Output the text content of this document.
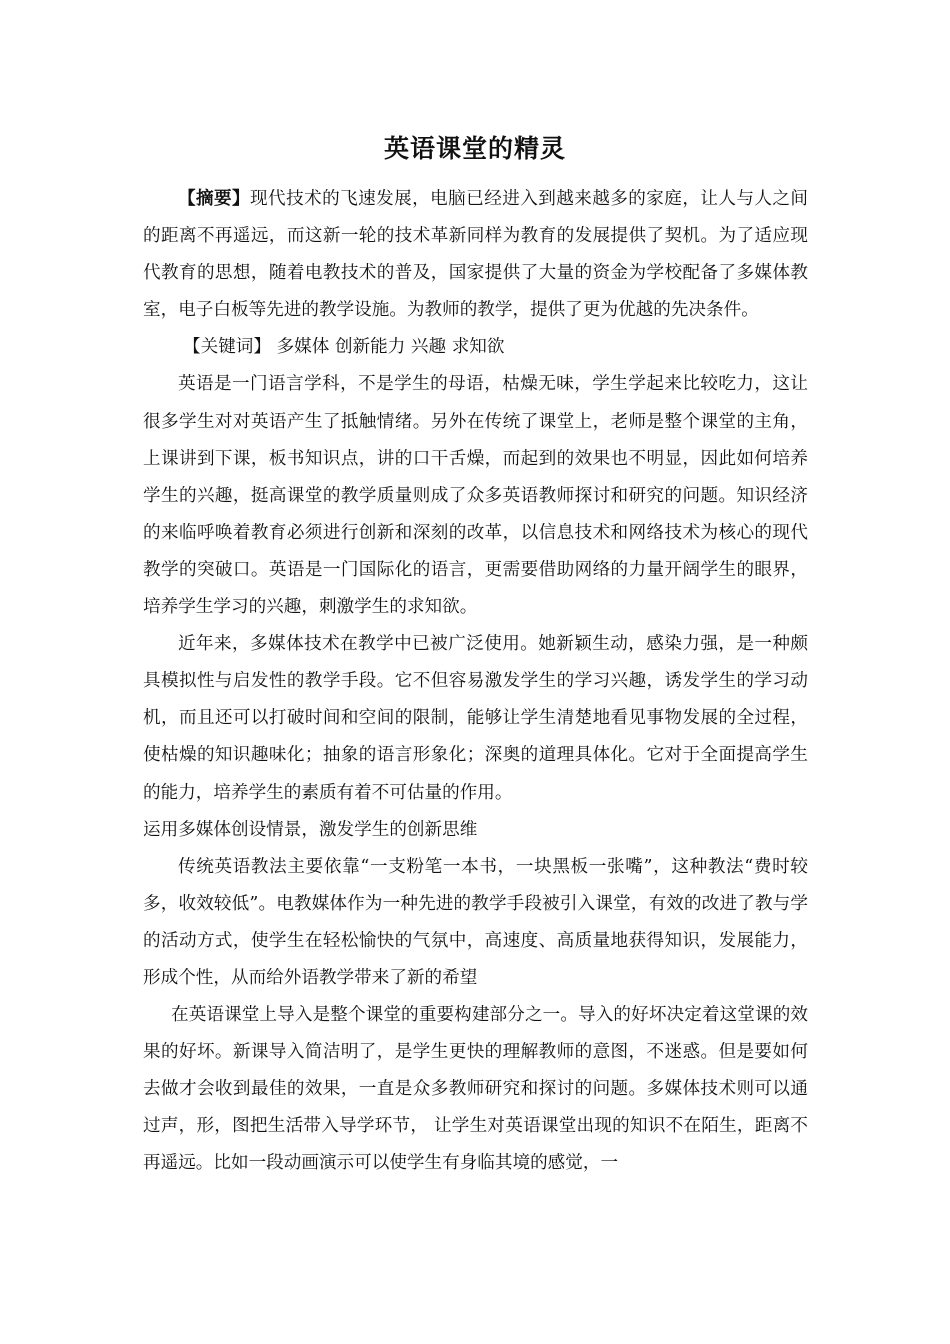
英语课堂的精灵

【摘要】现代技术的飞速发展，电脑已经进入到越来越多的家庭，让人与人之间的距离不再遥远，而这新一轮的技术革新同样为教育的发展提供了契机。为了适应现代教育的思想，随着电教技术的普及，国家提供了大量的资金为学校配备了多媒体教室，电子白板等先进的教学设施。为教师的教学，提供了更为优越的先决条件。

【关键词】 多媒体 创新能力 兴趣 求知欲

英语是一门语言学科，不是学生的母语，枯燥无味，学生学起来比较吃力，这让很多学生对对英语产生了抵触情绪。另外在传统了课堂上，老师是整个课堂的主角，上课讲到下课，板书知识点，讲的口干舌燥，而起到的效果也不明显，因此如何培养学生的兴趣，挺高课堂的教学质量则成了众多英语教师探讨和研究的问题。知识经济的来临呼唤着教育必须进行创新和深刻的改革，以信息技术和网络技术为核心的现代教学的突破口。英语是一门国际化的语言，更需要借助网络的力量开阔学生的眼界，培养学生学习的兴趣，刺激学生的求知欲。

近年来，多媒体技术在教学中已被广泛使用。她新颖生动，感染力强，是一种颇具模拟性与启发性的教学手段。它不但容易激发学生的学习兴趣，诱发学生的学习动机，而且还可以打破时间和空间的限制，能够让学生清楚地看见事物发展的全过程，使枯燥的知识趣味化；抽象的语言形象化；深奥的道理具体化。它对于全面提高学生的能力，培养学生的素质有着不可估量的作用。

运用多媒体创设情景，激发学生的创新思维

传统英语教法主要依靠“一支粉笔一本书，一块黑板一张嘴”，这种教法“费时较多，收效较低”。电教媒体作为一种先进的教学手段被引入课堂，有效的改进了教与学的活动方式，使学生在轻松愉快的气氛中，高速度、高质量地获得知识，发展能力，形成个性，从而给外语教学带来了新的希望

在英语课堂上导入是整个课堂的重要构建部分之一。导入的好坏决定着这堂课的效果的好坏。新课导入简洁明了，是学生更快的理解教师的意图，不迷惑。但是要如何去做才会收到最佳的效果，一直是众多教师研究和探讨的问题。多媒体技术则可以通过声，形，图把生活带入导学环节， 让学生对英语课堂出现的知识不在陌生，距离不再遥远。比如一段动画演示可以使学生有身临其境的感觉，一
